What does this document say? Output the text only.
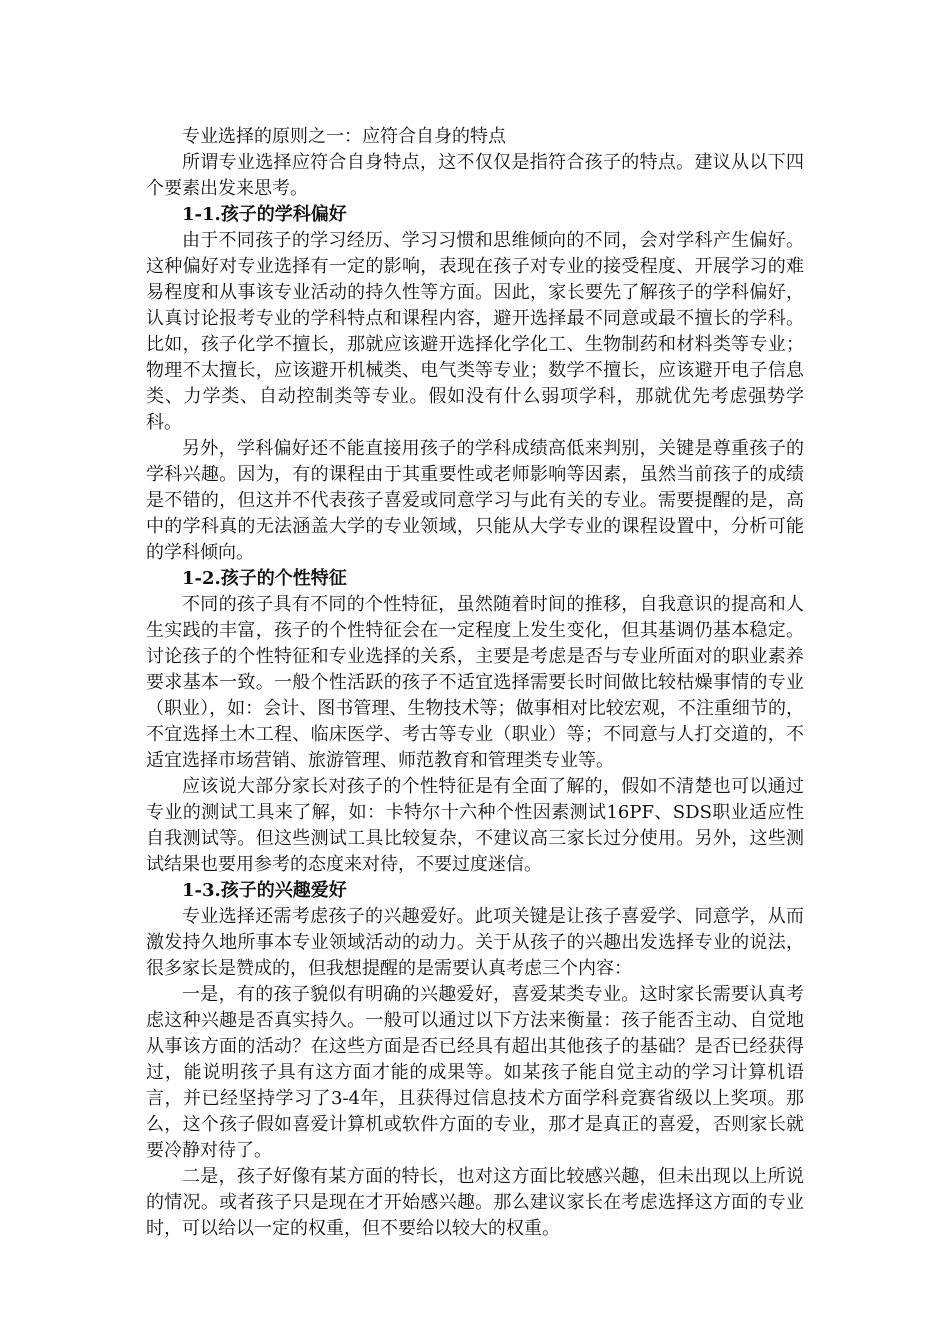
专业选择的原则之一：应符合自身的特点

所谓专业选择应符合自身特点，这不仅仅是指符合孩子的特点。建议从以下四个要素出发来思考。

1-1.孩子的学科偏好

由于不同孩子的学习经历、学习习惯和思维倾向的不同，会对学科产生偏好。这种偏好对专业选择有一定的影响，表现在孩子对专业的接受程度、开展学习的难易程度和从事该专业活动的持久性等方面。因此，家长要先了解孩子的学科偏好，认真讨论报考专业的学科特点和课程内容，避开选择最不同意或最不擅长的学科。比如，孩子化学不擅长，那就应该避开选择化学化工、生物制药和材料类等专业；物理不太擅长，应该避开机械类、电气类等专业；数学不擅长，应该避开电子信息类、力学类、自动控制类等专业。假如没有什么弱项学科，那就优先考虑强势学科。

另外，学科偏好还不能直接用孩子的学科成绩高低来判别，关键是尊重孩子的学科兴趣。因为，有的课程由于其重要性或老师影响等因素，虽然当前孩子的成绩是不错的，但这并不代表孩子喜爱或同意学习与此有关的专业。需要提醒的是，高中的学科真的无法涵盖大学的专业领域，只能从大学专业的课程设置中，分析可能的学科倾向。

1-2.孩子的个性特征

不同的孩子具有不同的个性特征，虽然随着时间的推移，自我意识的提高和人生实践的丰富，孩子的个性特征会在一定程度上发生变化，但其基调仍基本稳定。讨论孩子的个性特征和专业选择的关系，主要是考虑是否与专业所面对的职业素养要求基本一致。一般个性活跃的孩子不适宜选择需要长时间做比较枯燥事情的专业（职业），如：会计、图书管理、生物技术等；做事相对比较宏观，不注重细节的，不宜选择土木工程、临床医学、考古等专业（职业）等；不同意与人打交道的，不适宜选择市场营销、旅游管理、师范教育和管理类专业等。

应该说大部分家长对孩子的个性特征是有全面了解的，假如不清楚也可以通过专业的测试工具来了解，如：卡特尔十六种个性因素测试16PF、SDS职业适应性自我测试等。但这些测试工具比较复杂，不建议高三家长过分使用。另外，这些测试结果也要用参考的态度来对待，不要过度迷信。

1-3.孩子的兴趣爱好

专业选择还需考虑孩子的兴趣爱好。此项关键是让孩子喜爱学、同意学，从而激发持久地所事本专业领域活动的动力。关于从孩子的兴趣出发选择专业的说法，很多家长是赞成的，但我想提醒的是需要认真考虑三个内容：

一是，有的孩子貌似有明确的兴趣爱好，喜爱某类专业。这时家长需要认真考虑这种兴趣是否真实持久。一般可以通过以下方法来衡量：孩子能否主动、自觉地从事该方面的活动？在这些方面是否已经具有超出其他孩子的基础？是否已经获得过，能说明孩子具有这方面才能的成果等。如某孩子能自觉主动的学习计算机语言，并已经坚持学习了3-4年，且获得过信息技术方面学科竞赛省级以上奖项。那么，这个孩子假如喜爱计算机或软件方面的专业，那才是真正的喜爱，否则家长就要冷静对待了。

二是，孩子好像有某方面的特长，也对这方面比较感兴趣，但未出现以上所说的情况。或者孩子只是现在才开始感兴趣。那么建议家长在考虑选择这方面的专业时，可以给以一定的权重，但不要给以较大的权重。
